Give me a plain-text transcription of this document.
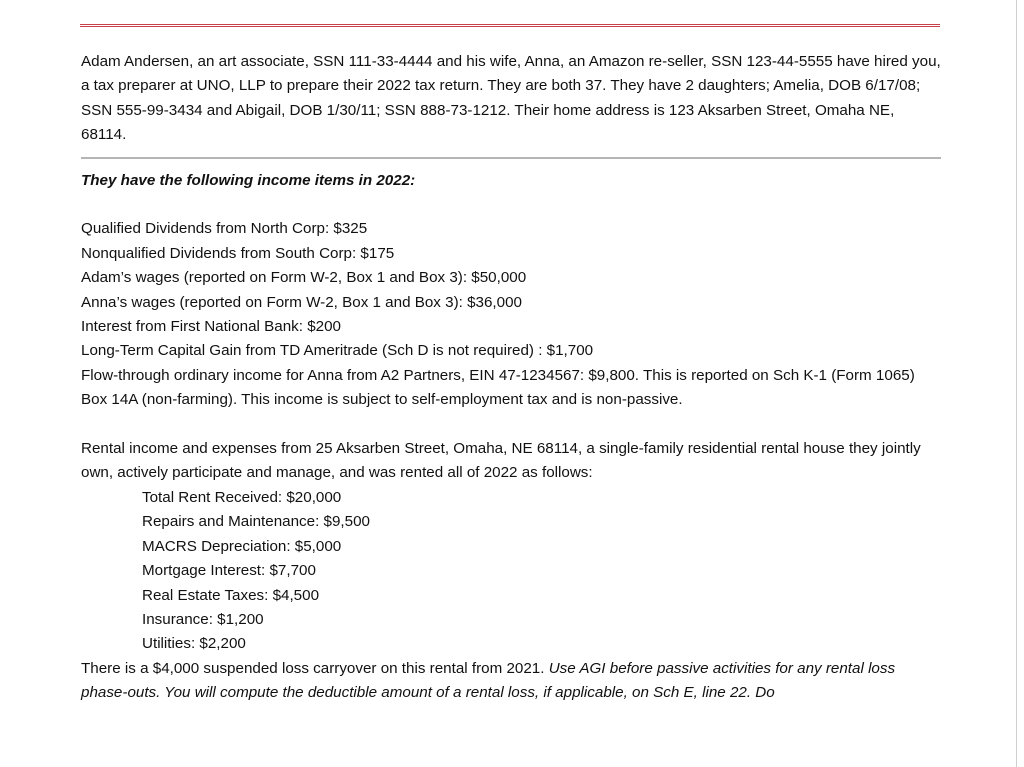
Adam Andersen, an art associate, SSN 111-33-4444 and his wife, Anna, an Amazon re-seller, SSN 123-44-5555 have hired you, a tax preparer at UNO, LLP to prepare their 2022 tax return. They are both 37. They have 2 daughters; Amelia, DOB 6/17/08; SSN 555-99-3434 and Abigail, DOB 1/30/11; SSN 888-73-1212. Their home address is 123 Aksarben Street, Omaha NE, 68114.

They have the following income items in 2022:

Qualified Dividends from North Corp: $325

Nonqualified Dividends from South Corp: $175

Adam’s wages (reported on Form W-2, Box 1 and Box 3): $50,000

Anna’s wages (reported on Form W-2, Box 1 and Box 3): $36,000

Interest from First National Bank: $200

Long-Term Capital Gain from TD Ameritrade (Sch D is not required) : $1,700

Flow-through ordinary income for Anna from A2 Partners, EIN 47-1234567: $9,800. This is reported on Sch K-1 (Form 1065) Box 14A (non-farming). This income is subject to self-employment tax and is non-passive.

Rental income and expenses from 25 Aksarben Street, Omaha, NE 68114, a single-family residential rental house they jointly own, actively participate and manage, and was rented all of 2022 as follows:

Total Rent Received: $20,000

Repairs and Maintenance: $9,500

MACRS Depreciation: $5,000

Mortgage Interest: $7,700

Real Estate Taxes: $4,500

Insurance: $1,200

Utilities: $2,200

There is a $4,000 suspended loss carryover on this rental from 2021. Use AGI before passive activities for any rental loss phase-outs. You will compute the deductible amount of a rental loss, if applicable, on Sch E, line 22. Do
